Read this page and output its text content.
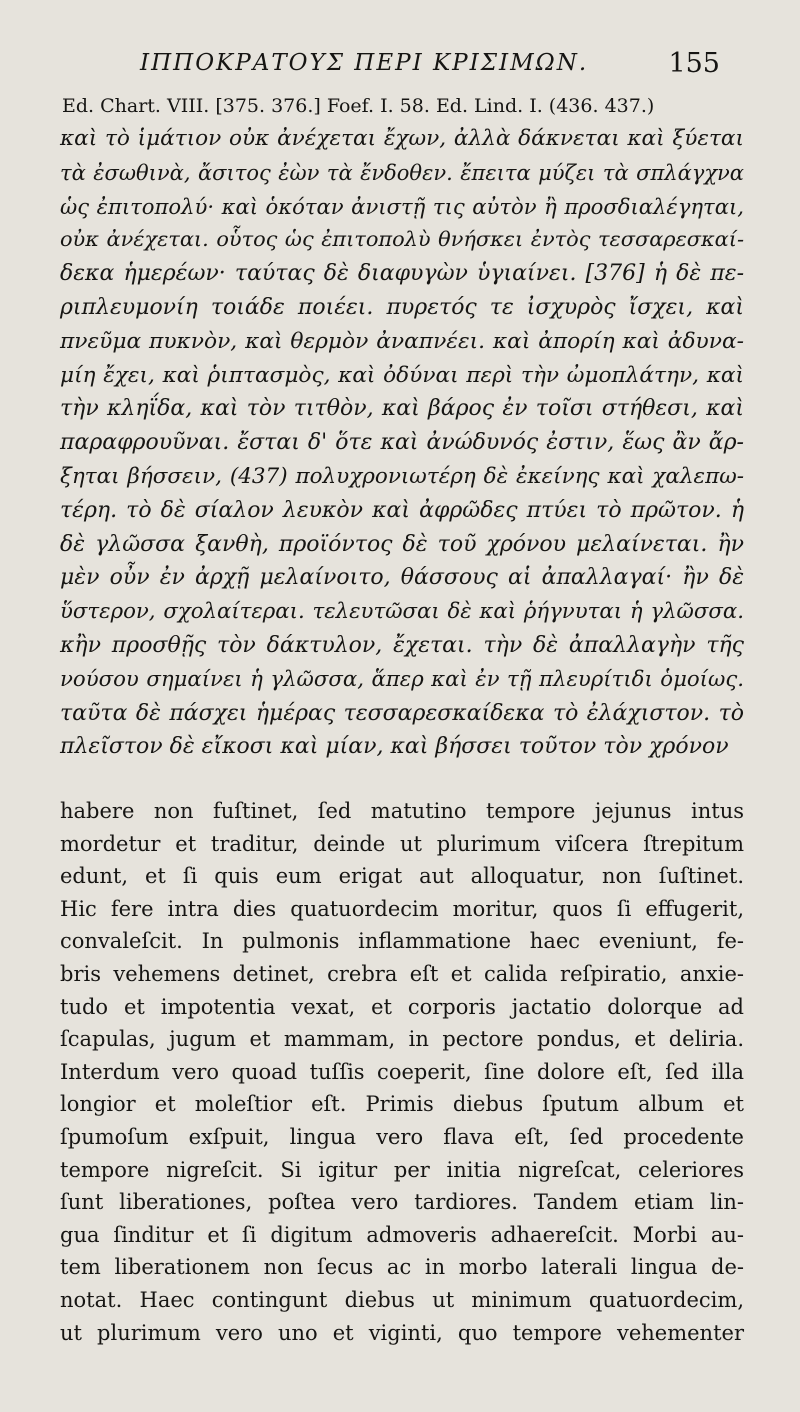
ΙΠΠΟΚΡΑΤΟΥΣ ΠΕΡΙ ΚΡΙΣΙΜΩΝ.	155
Ed. Chart. VIII. [375. 376.] Foef. I. 58. Ed. Lind. I. (436. 437.)
καὶ τὸ ἱμάτιον οὐκ ἀνέχεται ἔχων, ἀλλὰ δάκνεται καὶ ξύεται
τὰ ἐσωθινὰ, ἄσιτος ἐὼν τὰ ἔνδοθεν. ἔπειτα μύζει τὰ σπλάγχνα
ὡς ἐπιτοπολύ· καὶ ὁκόταν ἀνιστῇ τις αὐτὸν ἢ προσδιαλέγηται,
οὐκ ἀνέχεται. οὗτος ὡς ἐπιτοπολὺ θνήσκει ἐντὸς τεσσαρεσκαί-
δεκα ἡμερέων· ταύτας δὲ διαφυγὼν ὑγιαίνει. [376] ἡ δὲ πε-
ριπλευμονίη τοιάδε ποιέει. πυρετός τε ἰσχυρὸς ἴσχει, καὶ
πνεῦμα πυκνὸν, καὶ θερμὸν ἀναπνέει. καὶ ἀπορίη καὶ ἀδυνα-
μίη ἔχει, καὶ ῥιπτασμὸς, καὶ ὀδύναι περὶ τὴν ὠμοπλάτην, καὶ
τὴν κληΐδα, καὶ τὸν τιτθὸν, καὶ βάρος ἐν τοῖσι στήθεσι, καὶ
παραφρουῦναι. ἔσται δ' ὅτε καὶ ἀνώδυνός ἐστιν, ἕως ἂν ἄρ-
ξηται βήσσειν, (437) πολυχρονιωτέρη δὲ ἐκείνης καὶ χαλεπω-
τέρη. τὸ δὲ σίαλον λευκὸν καὶ ἀφρῶδες πτύει τὸ πρῶτον. ἡ
δὲ γλῶσσα ξανθὴ, προϊόντος δὲ τοῦ χρόνου μελαίνεται. ἢν
μὲν οὖν ἐν ἀρχῇ μελαίνοιτο, θάσσους αἱ ἀπαλλαγαί· ἢν δὲ
ὕστερον, σχολαίτεραι. τελευτῶσαι δὲ καὶ ῥήγνυται ἡ γλῶσσα.
κἢν προσθῇς τὸν δάκτυλον, ἔχεται. τὴν δὲ ἀπαλλαγὴν τῆς
νούσου σημαίνει ἡ γλῶσσα, ἅπερ καὶ ἐν τῇ πλευρίτιδι ὁμοίως.
ταῦτα δὲ πάσχει ἡμέρας τεσσαρεσκαίδεκα τὸ ἐλάχιστον. τὸ
πλεῖστον δὲ εἴκοσι καὶ μίαν, καὶ βήσσει τοῦτον τὸν χρόνον
habere non fuſtinet, ſed matutino tempore jejunus intus
mordetur et traditur, deinde ut plurimum viſcera ſtrepitum
edunt, et ſi quis eum erigat aut alloquatur, non ſuſtinet.
Hic fere intra dies quatuordecim moritur, quos ſi effugerit,
convaleſcit. In pulmonis inflammatione haec eveniunt, fe-
bris vehemens detinet, crebra eſt et calida reſpiratio, anxie-
tudo et impotentia vexat, et corporis jactatio dolorque ad
ſcapulas, jugum et mammam, in pectore pondus, et deliria.
Interdum vero quoad tuſſis coeperit, ſine dolore eſt, ſed illa
longior et moleſtior eſt. Primis diebus ſputum album et
ſpumoſum exſpuit, lingua vero flava eſt, ſed procedente
tempore nigreſcit. Si igitur per initia nigreſcat, celeriores
ſunt liberationes, poſtea vero tardiores. Tandem etiam lin-
gua ſinditur et ſi digitum admoveris adhaereſcit. Morbi au-
tem liberationem non ſecus ac in morbo laterali lingua de-
notat. Haec contingunt diebus ut minimum quatuordecim,
ut plurimum vero uno et viginti, quo tempore vehementer
